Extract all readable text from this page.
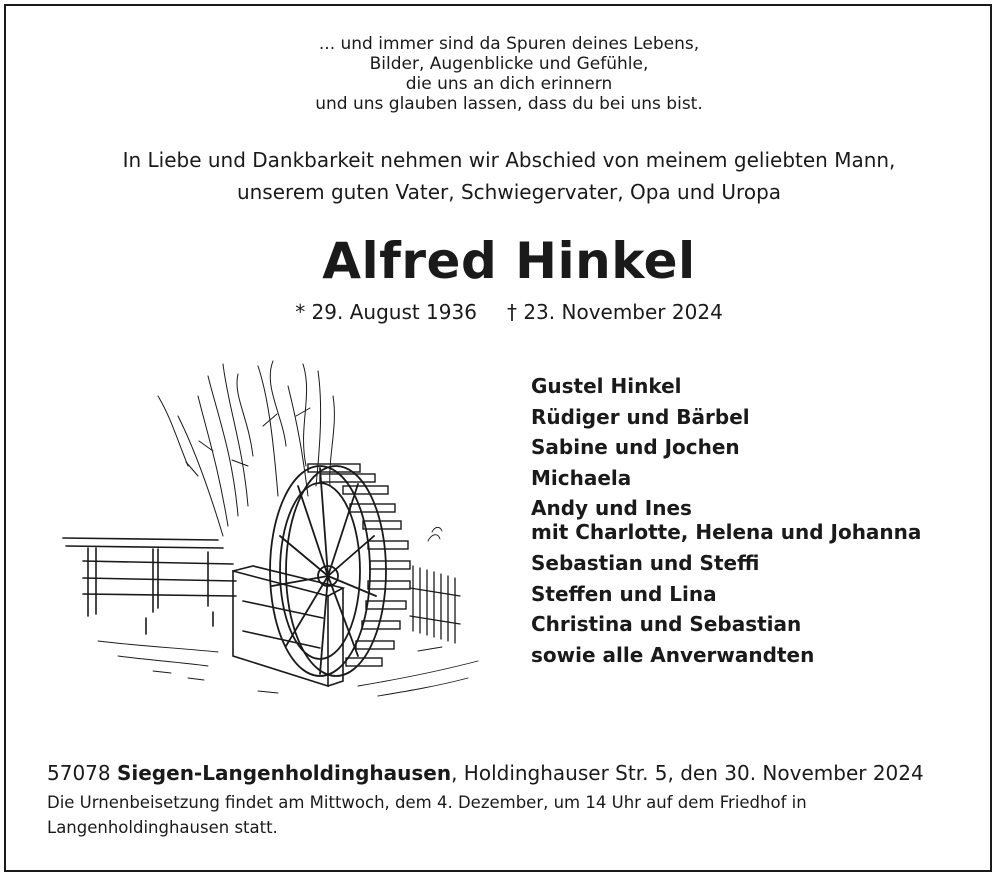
... und immer sind da Spuren deines Lebens,
Bilder, Augenblicke und Gefühle,
die uns an dich erinnern
und uns glauben lassen, dass du bei uns bist.
In Liebe und Dankbarkeit nehmen wir Abschied von meinem geliebten Mann,
unserem guten Vater, Schwiegervater, Opa und Uropa
Alfred Hinkel
* 29. August 1936 † 23. November 2024
Gustel Hinkel
Rüdiger und Bärbel
Sabine und Jochen
Michaela
Andy und Ines
mit Charlotte, Helena und Johanna
Sebastian und Steffi
Steffen und Lina
Christina und Sebastian
sowie alle Anverwandten
57078 Siegen-Langenholdinghausen, Holdinghauser Str. 5, den 30. November 2024
Die Urnenbeisetzung findet am Mittwoch, dem 4. Dezember, um 14 Uhr auf dem Friedhof in Langenholdinghausen statt.
